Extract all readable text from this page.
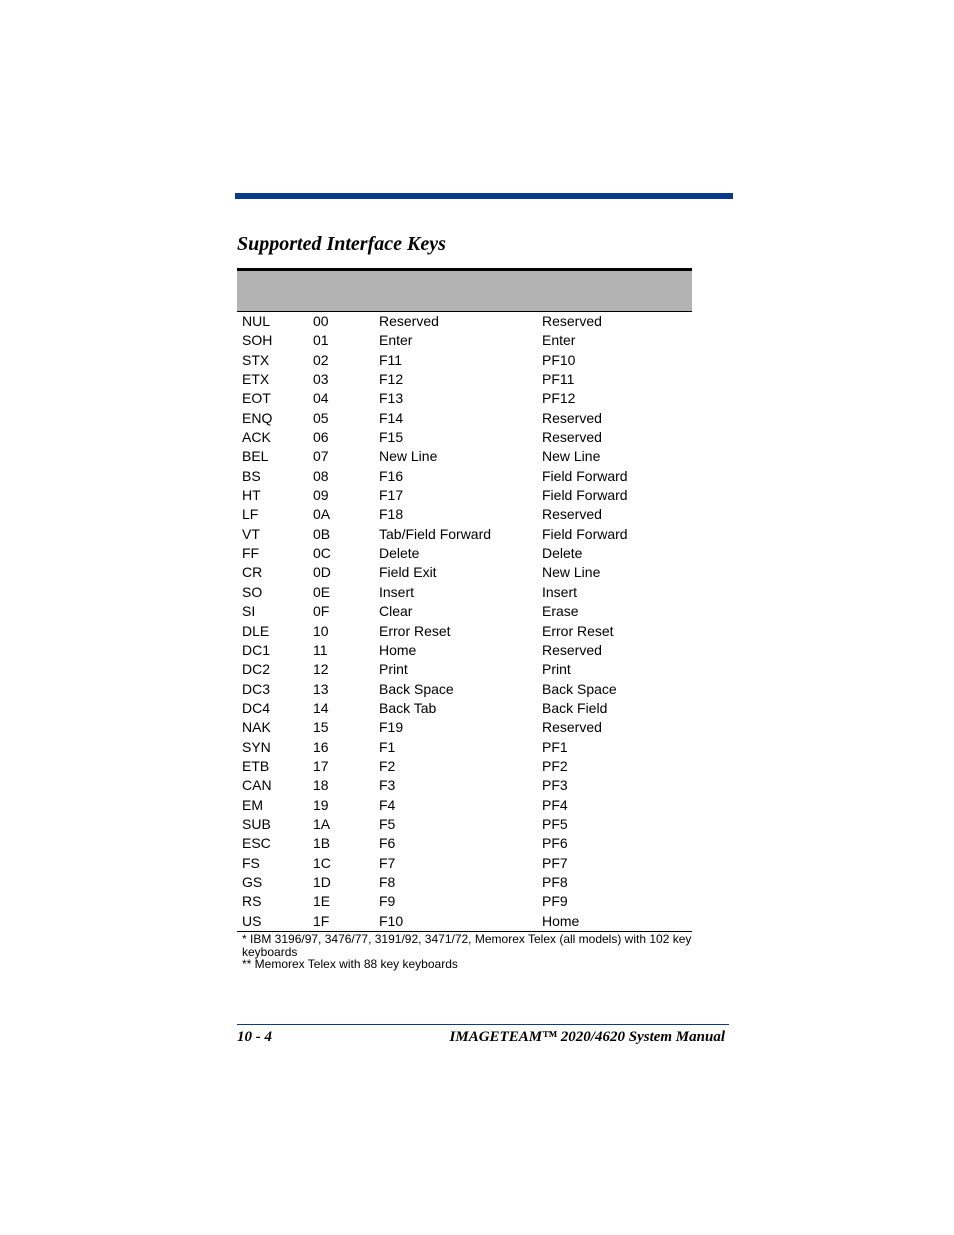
Supported Interface Keys
NUL	00	Reserved	Reserved
SOH	01	Enter	Enter
STX	02	F11	PF10
ETX	03	F12	PF11
EOT	04	F13	PF12
ENQ	05	F14	Reserved
ACK	06	F15	Reserved
BEL	07	New Line	New Line
BS	08	F16	Field Forward
HT	09	F17	Field Forward
LF	0A	F18	Reserved
VT	0B	Tab/Field Forward	Field Forward
FF	0C	Delete	Delete
CR	0D	Field Exit	New Line
SO	0E	Insert	Insert
SI	0F	Clear	Erase
DLE	10	Error Reset	Error Reset
DC1	11	Home	Reserved
DC2	12	Print	Print
DC3	13	Back Space	Back Space
DC4	14	Back Tab	Back Field
NAK	15	F19	Reserved
SYN	16	F1	PF1
ETB	17	F2	PF2
CAN	18	F3	PF3
EM	19	F4	PF4
SUB	1A	F5	PF5
ESC	1B	F6	PF6
FS	1C	F7	PF7
GS	1D	F8	PF8
RS	1E	F9	PF9
US	1F	F10	Home
* IBM 3196/97, 3476/77, 3191/92, 3471/72, Memorex Telex (all models) with 102 key keyboards
** Memorex Telex with 88 key keyboards
10 - 4	IMAGETEAM™ 2020/4620 System Manual
